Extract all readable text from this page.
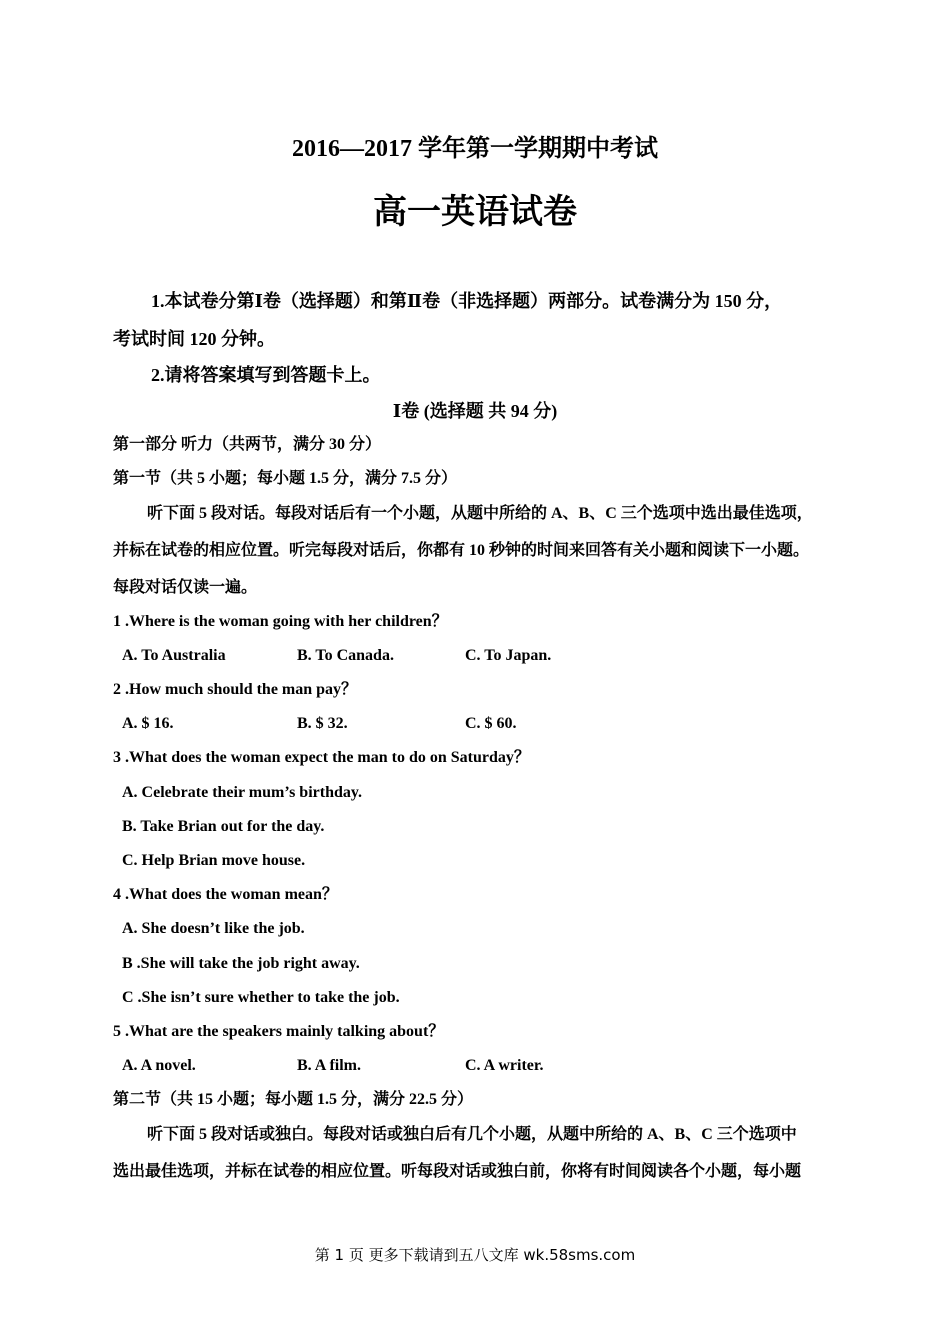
2016—2017 学年第一学期期中考试
高一英语试卷
1.本试卷分第Ⅰ卷（选择题）和第Ⅱ卷（非选择题）两部分。试卷满分为 150 分，
考试时间 120 分钟。
2.请将答案填写到答题卡上。
Ⅰ卷 (选择题 共 94 分)
第一部分 听力（共两节，满分 30 分）
第一节（共 5 小题；每小题 1.5 分，满分 7.5 分）
听下面 5 段对话。每段对话后有一个小题，从题中所给的 A、B、C 三个选项中选出最佳选项，
并标在试卷的相应位置。听完每段对话后，你都有 10 秒钟的时间来回答有关小题和阅读下一小题。
每段对话仅读一遍。
1 .Where is the woman going with her children？
A. To Australia	B. To Canada.	C. To Japan.
2 .How much should the man pay？
A. $ 16.	B. $ 32.	C. $ 60.
3 .What does the woman expect the man to do on Saturday？
A. Celebrate their mum’s birthday.
B. Take Brian out for the day.
C. Help Brian move house.
4 .What does the woman mean？
A. She doesn’t like the job.
B .She will take the job right away.
C .She isn’t sure whether to take the job.
5 .What are the speakers mainly talking about？
A. A novel.	B. A film.	C. A writer.
第二节（共 15 小题；每小题 1.5 分，满分 22.5 分）
听下面 5 段对话或独白。每段对话或独白后有几个小题，从题中所给的 A、B、C 三个选项中
选出最佳选项，并标在试卷的相应位置。听每段对话或独白前，你将有时间阅读各个小题，每小题
第 1 页 更多下载请到五八文库 wk.58sms.com
